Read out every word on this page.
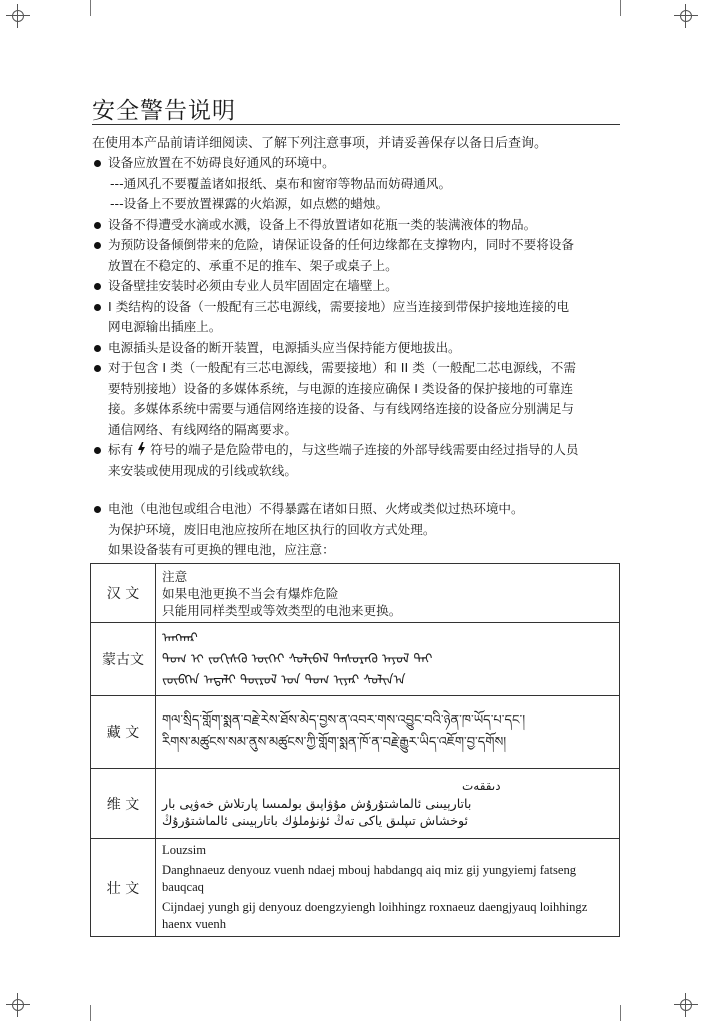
安全警告说明
在使用本产品前请详细阅读、了解下列注意事项，并请妥善保存以备日后查询。
设备应放置在不妨碍良好通风的环境中。
---通风孔不要覆盖诸如报纸、桌布和窗帘等物品而妨碍通风。
---设备上不要放置裸露的火焰源，如点燃的蜡烛。
设备不得遭受水滴或水溅，设备上不得放置诸如花瓶一类的装满液体的物品。
为预防设备倾倒带来的危险，请保证设备的任何边缘都在支撑物内，同时不要将设备
放置在不稳定的、承重不足的推车、架子或桌子上。
设备壁挂安装时必须由专业人员牢固固定在墙壁上。
I 类结构的设备（一般配有三芯电源线，需要接地）应当连接到带保护接地连接的电
网电源输出插座上。
电源插头是设备的断开装置，电源插头应当保持能方便地拔出。
对于包含 I 类（一般配有三芯电源线，需要接地）和 II 类（一般配二芯电源线，不需
要特别接地）设备的多媒体系统，与电源的连接应确保 I 类设备的保护接地的可靠连
接。多媒体系统中需要与通信网络连接的设备、与有线网络连接的设备应分别满足与
通信网络、有线网络的隔离要求。
标有 符号的端子是危险带电的，与这些端子连接的外部导线需要由经过指导的人员
来安装或使用现成的引线或软线。
电池（电池包或组合电池）不得暴露在诸如日照、火烤或类似过热环境中。
为保护环境，废旧电池应按所在地区执行的回收方式处理。
如果设备装有可更换的锂电池，应注意：
汉 文	注意
如果电池更换不当会有爆炸危险
只能用同样类型或等效类型的电池来更换。

蒙古文	ᠠᠨᠭᠬᠠᠷ
ᠲᠤᠭ ᠢ ᠵᠣᠬᠢᠰᠬᠦ ᠦᠭᠡᠢ ᠰᠣᠯᠢᠪᠠᠯ ᠲᠡᠰᠦᠷᠡᠬᠦ ᠠᠶᠤᠯ ᠲᠠᠢ
ᠵᠥᠪᠬᠡᠨ ᠠᠳᠠᠯᠢ ᠲᠥᠷᠦᠯ ᠤᠨ ᠲᠤᠭ ᠢᠶᠠᠷ ᠰᠣᠯᠢᠨ᠎ᠠ

藏 文	གལ་སྲིད་གློག་སྨན་བརྗེ་རེས་ཐོས་མེད་བྱས་ན་འབར་གས་འབྱུང་བའི་ཉེན་ཁ་ཡོད་པ་དང་།
རིགས་མཚུངས་སམ་ནུས་མཚུངས་ཀྱི་གློག་སྨན་ཁོ་ན་བརྗེ་རྒྱུར་ཡིད་འཇོག་བྱ་དགོས།

维 文	دىققەت
باتارېيىنى ئالماشتۇرۇش مۇۋاپىق بولمىسا پارتلاش خەۋپى بار
ئوخشاش تىپلىق ياكى تەڭ ئۈنۈملۈك باتارېيىنى ئالماشتۇرۇڭ

壮 文	Louzsim
Danghnaeuz denyouz vuenh ndaej mbouj habdangq aiq miz gij yungyiemj fatseng
bauqcaq
Cijndaej yungh gij denyouz doengzyiengh loihhingz roxnaeuz daengjyauq loihhingz
haenx vuenh
